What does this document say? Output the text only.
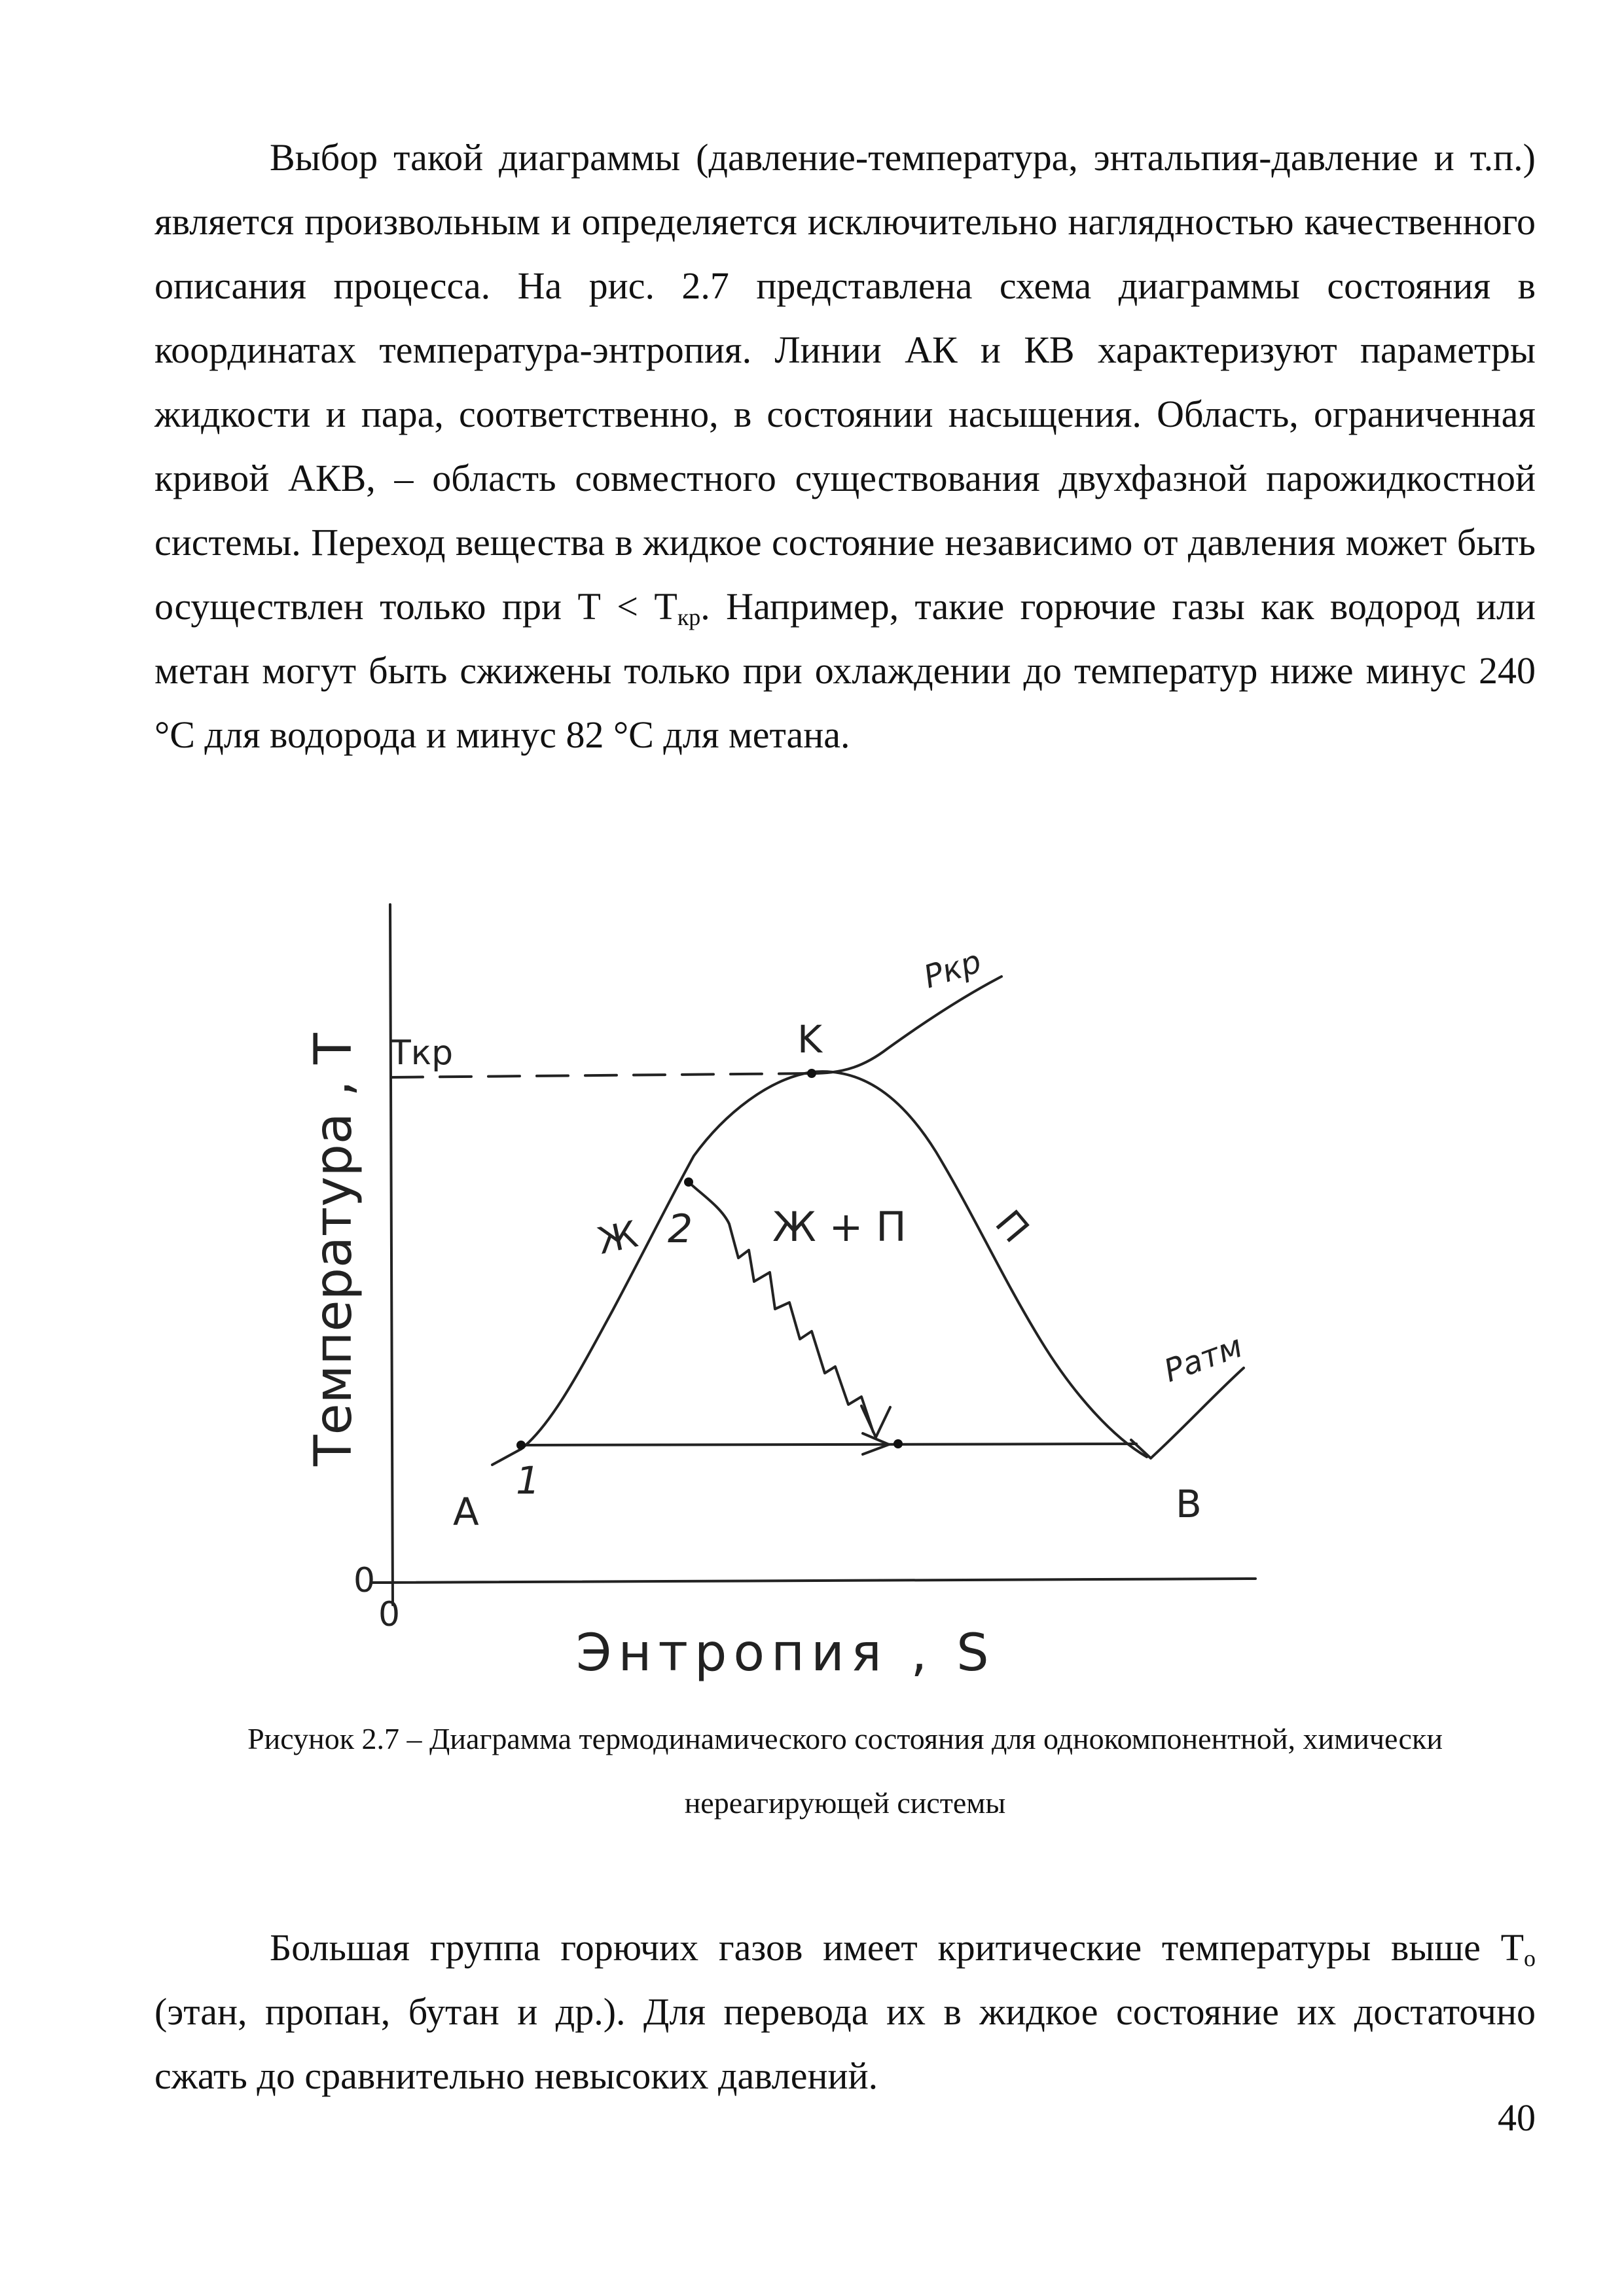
Выбор такой диаграммы (давление-температура, энтальпия-давление и т.п.) является произвольным и определяется исключительно наглядностью качественного описания процесса. На рис. 2.7 представлена схема диаграммы состояния в координатах температура-энтропия. Линии АК и КВ характеризуют параметры жидкости и пара, соответственно, в состоянии насыщения. Область, ограниченная кривой АКВ, – область совместного существования двухфазной парожидкостной системы. Переход вещества в жидкое состояние независимо от давления может быть осуществлен только при $Т < Т_{кр}$. Например, такие горючие газы как водород или метан могут быть сжижены только при охлаждении до температур ниже минус 240 °С для водорода и минус 82 °С для метана.

Температура , Т
Энтропия , S
Tкр
Pкр
Pатм
K
A	B
1
2
Ж	П
Ж + П
0
0
Рисунок 2.7 – Диаграмма термодинамического состояния для однокомпонентной, химически
нереагирующей системы

Большая группа горючих газов имеет критические температуры выше $Т_о$ (этан, пропан, бутан и др.). Для перевода их в жидкое состояние их достаточно сжать до сравнительно невысоких давлений.

40
